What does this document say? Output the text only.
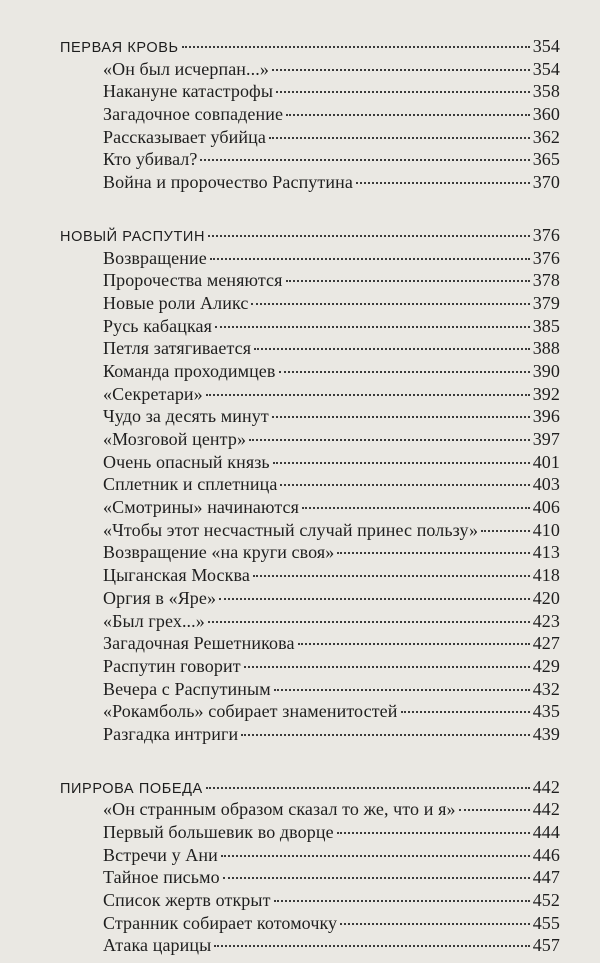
ПЕРВАЯ КРОВЬ	354
«Он был исчерпан...»	354
Накануне катастрофы	358
Загадочное совпадение	360
Рассказывает убийца	362
Кто убивал?	365
Война и пророчество Распутина	370
НОВЫЙ РАСПУТИН	376
Возвращение	376
Пророчества меняются	378
Новые роли Аликс	379
Русь кабацкая	385
Петля затягивается	388
Команда проходимцев	390
«Секретари»	392
Чудо за десять минут	396
«Мозговой центр»	397
Очень опасный князь	401
Сплетник и сплетница	403
«Смотрины» начинаются	406
«Чтобы этот несчастный случай принес пользу»	410
Возвращение «на круги своя»	413
Цыганская Москва	418
Оргия в «Яре»	420
«Был грех...»	423
Загадочная Решетникова	427
Распутин говорит	429
Вечера с Распутиным	432
«Рокамболь» собирает знаменитостей	435
Разгадка интриги	439
ПИРРОВА ПОБЕДА	442
«Он странным образом сказал то же, что и я»	442
Первый большевик во дворце	444
Встречи у Ани	446
Тайное письмо	447
Список жертв открыт	452
Странник собирает котомочку	455
Атака царицы	457
